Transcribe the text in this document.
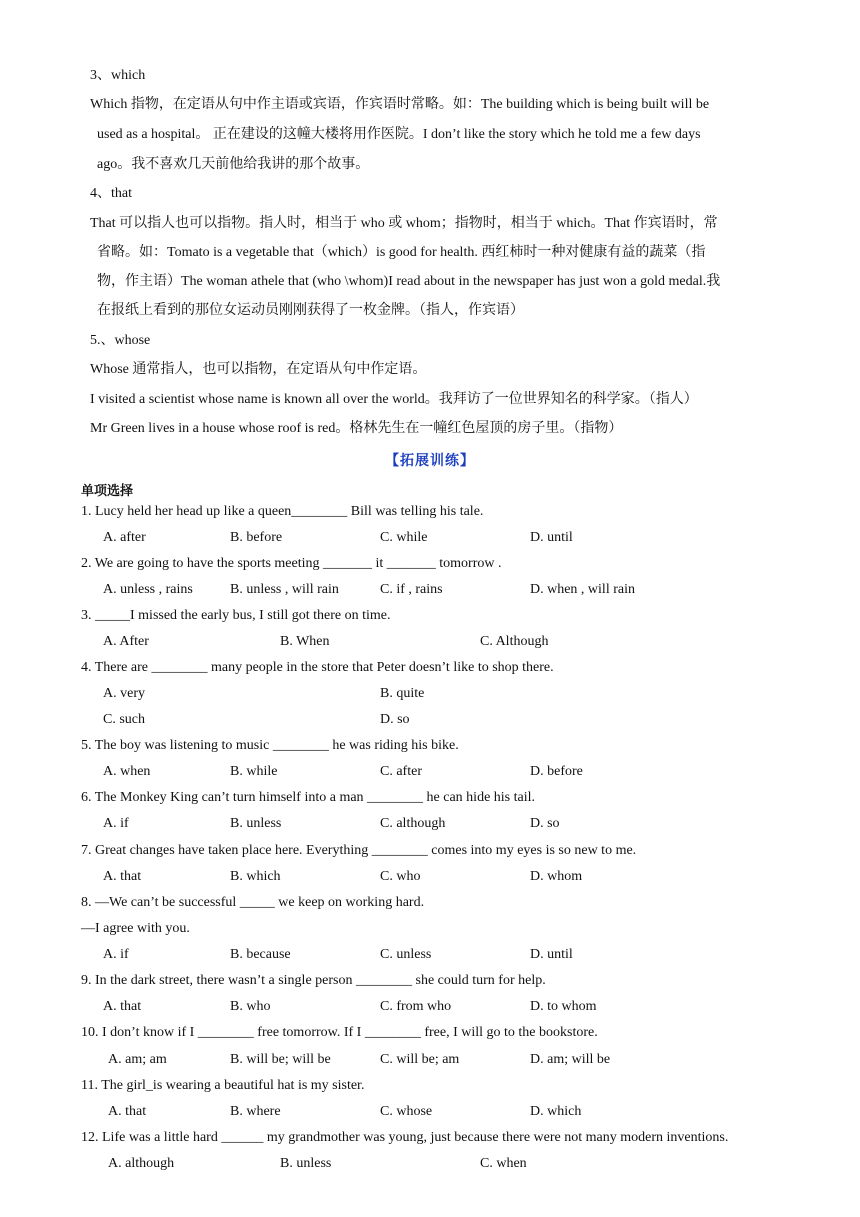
3、which
Which 指物，在定语从句中作主语或宾语，作宾语时常略。如：The building which is being built will be
used as a hospital。 正在建设的这幢大楼将用作医院。I don’t like the story which he told me a few days
ago。我不喜欢几天前他给我讲的那个故事。
4、that
That 可以指人也可以指物。指人时，相当于 who 或 whom；指物时，相当于 which。That 作宾语时，常
省略。如：Tomato is a vegetable that（which）is good for health. 西红柿时一种对健康有益的蔬菜（指
物，作主语）The woman athele that (who \whom)I read about in the newspaper has just won a gold medal.我
在报纸上看到的那位女运动员刚刚获得了一枚金牌。（指人，作宾语）
5.、whose
Whose 通常指人，也可以指物，在定语从句中作定语。
I visited a scientist whose name is known all over the world。我拜访了一位世界知名的科学家。（指人）
Mr Green lives in a house whose roof is red。格林先生在一幢红色屋顶的房子里。（指物）
【拓展训练】
单项选择
1. Lucy held her head up like a queen________ Bill was telling his tale.
A. after	B. before	C. while	D. until
2. We are going to have the sports meeting _______ it _______ tomorrow .
A. unless , rains	B. unless , will rain	C. if , rains	D. when , will rain
3. _____I missed the early bus, I still got there on time.
A. After	B. When	C. Although
4. There are ________ many people in the store that Peter doesn’t like to shop there.
A. very	B. quite
C. such	D. so
5. The boy was listening to music ________ he was riding his bike.
A. when	B. while	C. after	D. before
6. The Monkey King can’t turn himself into a man ________ he can hide his tail.
A. if	B. unless	C. although	D. so
7. Great changes have taken place here. Everything ________ comes into my eyes is so new to me.
A. that	B. which	C. who	D. whom
8. —We can’t be successful _____ we keep on working hard.
—I agree with you.
A. if	B. because	C. unless	D. until
9. In the dark street, there wasn’t a single person ________ she could turn for help.
A. that	B. who	C. from who	D. to whom
10. I don’t know if I ________ free tomorrow. If I ________ free, I will go to the bookstore.
A. am; am	B. will be; will be	C. will be; am	D. am; will be
11. The girl_is wearing a beautiful hat is my sister.
A. that	B. where	C. whose	D. which
12. Life was a little hard ______ my grandmother was young, just because there were not many modern inventions.
A. although	B. unless	C. when
